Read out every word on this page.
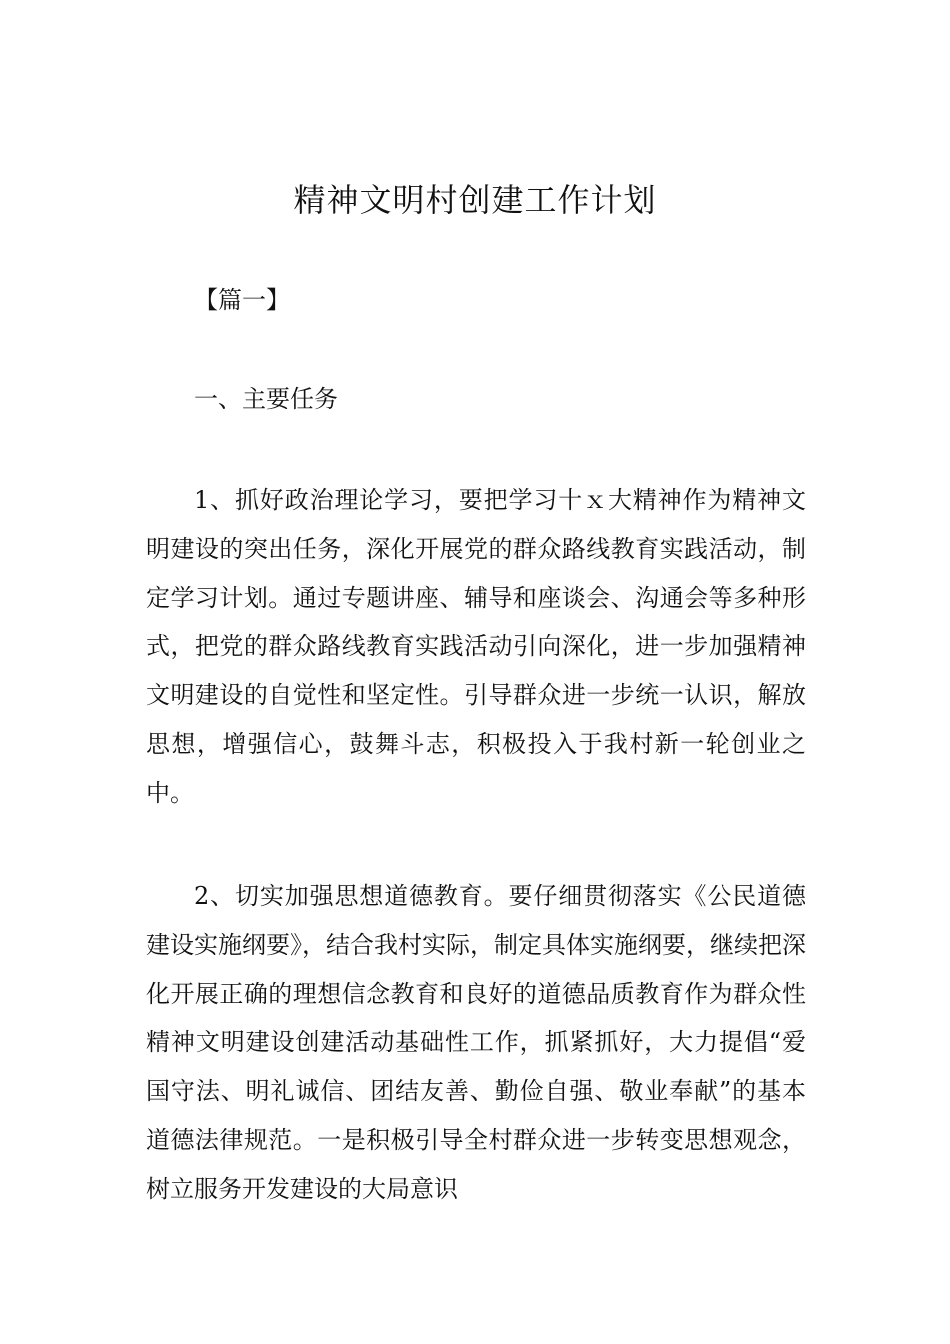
精神文明村创建工作计划

【篇一】

一、主要任务

1、抓好政治理论学习，要把学习十ｘ大精神作为精神文明建设的突出任务，深化开展党的群众路线教育实践活动，制定学习计划。通过专题讲座、辅导和座谈会、沟通会等多种形式，把党的群众路线教育实践活动引向深化，进一步加强精神文明建设的自觉性和坚定性。引导群众进一步统一认识，解放思想，增强信心，鼓舞斗志，积极投入于我村新一轮创业之中。

2、切实加强思想道德教育。要仔细贯彻落实《公民道德建设实施纲要》，结合我村实际，制定具体实施纲要，继续把深化开展正确的理想信念教育和良好的道德品质教育作为群众性精神文明建设创建活动基础性工作，抓紧抓好，大力提倡“爱国守法、明礼诚信、团结友善、勤俭自强、敬业奉献”的基本道德法律规范。一是积极引导全村群众进一步转变思想观念，树立服务开发建设的大局意识
